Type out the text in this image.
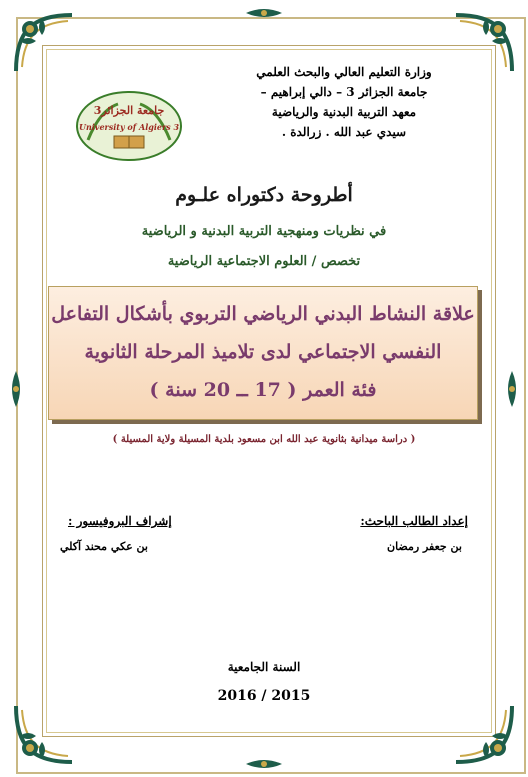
وزارة التعليم العالي والبحث العلمي
جامعة الجزائر 3 – دالي إبراهيم –
معهد التربية البدنية والرياضية
سيدي عبد الله . زرالدة .
جامعة الجزائر3
University of Algiers 3
أطروحة دكتوراه علـوم
في نظريات ومنهجية التربية البدنية و الرياضية
تخصص / العلوم الاجتماعية الرياضية
علاقة النشاط البدني الرياضي التربوي بأشكال التفاعل
النفسي الاجتماعي لدى تلاميذ المرحلة الثانوية
فئة العمر ( 17 ــ 20 سنة )
( دراسة ميدانية بثانوية عبد الله ابن مسعود بلدية المسيلة ولاية المسيلة )
إعداد الطالب الباحث:
بن جعفر رمضان
إشراف البروفيسور :
بن عكي محند آكلي
السنة الجامعية
2016 / 2015
